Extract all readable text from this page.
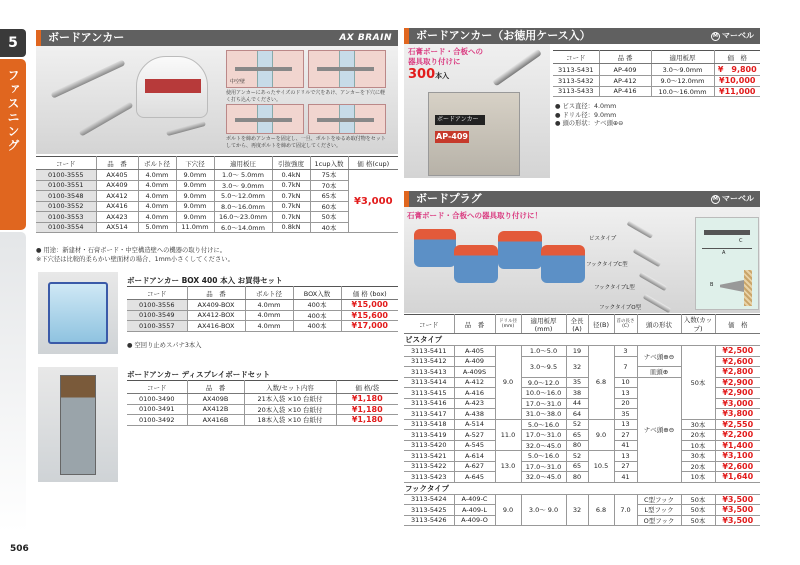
5
ファスニング
506
ボードアンカー	AX BRAIN
中空壁
使用アンカーにあったサイズのドリルで穴をあけ、アンカーを下穴に軽く打ち込んでください。
ボルトを締めアンカーを固定し、一旦、ボルトをゆるめ取付物をセットしてから、再度ボルトを締めて固定してください。
コード	品　番	ボルト径	下穴径	適用板圧	引抜強度	1cup入数	価 格(cup)
0100-3555	AX405	4.0mm	9.0mm	1.0〜 5.0mm	0.4kN	75本	¥3,000
0100-3551	AX409	4.0mm	9.0mm	3.0〜 9.0mm	0.7kN	70本	
0100-3548	AX412	4.0mm	9.0mm	5.0〜12.0mm	0.7kN	65本	
0100-3552	AX416	4.0mm	9.0mm	8.0〜16.0mm	0.7kN	60本	
0100-3553	AX423	4.0mm	9.0mm	16.0〜23.0mm	0.7kN	50本	
0100-3554	AX514	5.0mm	11.0mm	6.0〜14.0mm	0.8kN	40本	
● 用途：新建材・石膏ボード・中空構造壁への機器の取り付けに。
※下穴径は比較的柔らかい壁面材の場合、1mm小さくしてください。
ボードアンカー BOX 400 本入 お買得セット
コード	品　番	ボルト径	BOX入数	価 格 (box)
0100-3556	AX409-BOX	4.0mm	400本	¥15,000
0100-3549	AX412-BOX	4.0mm	400本	¥15,600
0100-3557	AX416-BOX	4.0mm	400本	¥17,000
● 空回り止めスパナ3本入
ボードアンカー ディスプレイボードセット
コード	品　番	入数/セット内容	価 格/袋
0100-3490	AX409B	21本入袋 ×10 台紙付	¥1,180
0100-3491	AX412B	20本入袋 ×10 台紙付	¥1,180
0100-3492	AX416B	18本入袋 ×10 台紙付	¥1,180
ボードアンカー（お徳用ケース入）	M マーベル
石膏ボード・合板への
器具取り付けに
300本入
ボードアンカー
AP-409
コード	品 番	適用板厚	価　格
3113-5431	AP-409	3.0〜9.0mm	¥　9,800
3113-5432	AP-412	9.0〜12.0mm	¥10,000
3113-5433	AP-416	10.0〜16.0mm	¥11,000
● ビス直径：4.0mm
● ドリル径：9.0mm
● 頭の形状：ナベ頭⊕⊖
ボードプラグ	M マーベル
石膏ボード・合板への器具取り付けに！
ビスタイプ
フックタイプC型
フックタイプL型
フックタイプO型
C
A
B
コード	品　番	ドリル径(mm)	適用板厚(mm)	全長(A)	径(B)	首の長さ(C)	頭の形状	入数(カップ)	価　格
ビスタイプ									
3113-5411	A-405	9.0	1.0〜5.0	19	6.8	3	ナベ頭⊕⊖	50本	¥2,500
3113-5412	A-409		3.0〜9.5	32		7			¥2,600
3113-5413	A-409S						皿頭⊕		¥2,800
3113-5414	A-412		9.0〜12.0	35		10	ナベ頭⊕⊖		¥2,900
3113-5415	A-416		10.0〜16.0	38		13			¥2,900
3113-5416	A-423		17.0〜31.0	44		20			¥3,000
3113-5417	A-438		31.0〜38.0	64		35			¥3,800
3113-5418	A-514	11.0	5.0〜16.0	52	9.0	13		30本	¥2,550
3113-5419	A-527		17.0〜31.0	65		27		20本	¥2,200
3113-5420	A-545		32.0〜45.0	80		41		10本	¥1,400
3113-5421	A-614	13.0	5.0〜16.0	52	10.5	13		30本	¥3,100
3113-5422	A-627		17.0〜31.0	65		27		20本	¥2,600
3113-5423	A-645		32.0〜45.0	80		41		10本	¥1,640
フックタイプ									
3113-5424	A-409-C	9.0	3.0〜 9.0	32	6.8	7.0	C型フック	50本	¥3,500
3113-5425	A-409-L						L型フック	50本	¥3,500
3113-5426	A-409-O						O型フック	50本	¥3,500
